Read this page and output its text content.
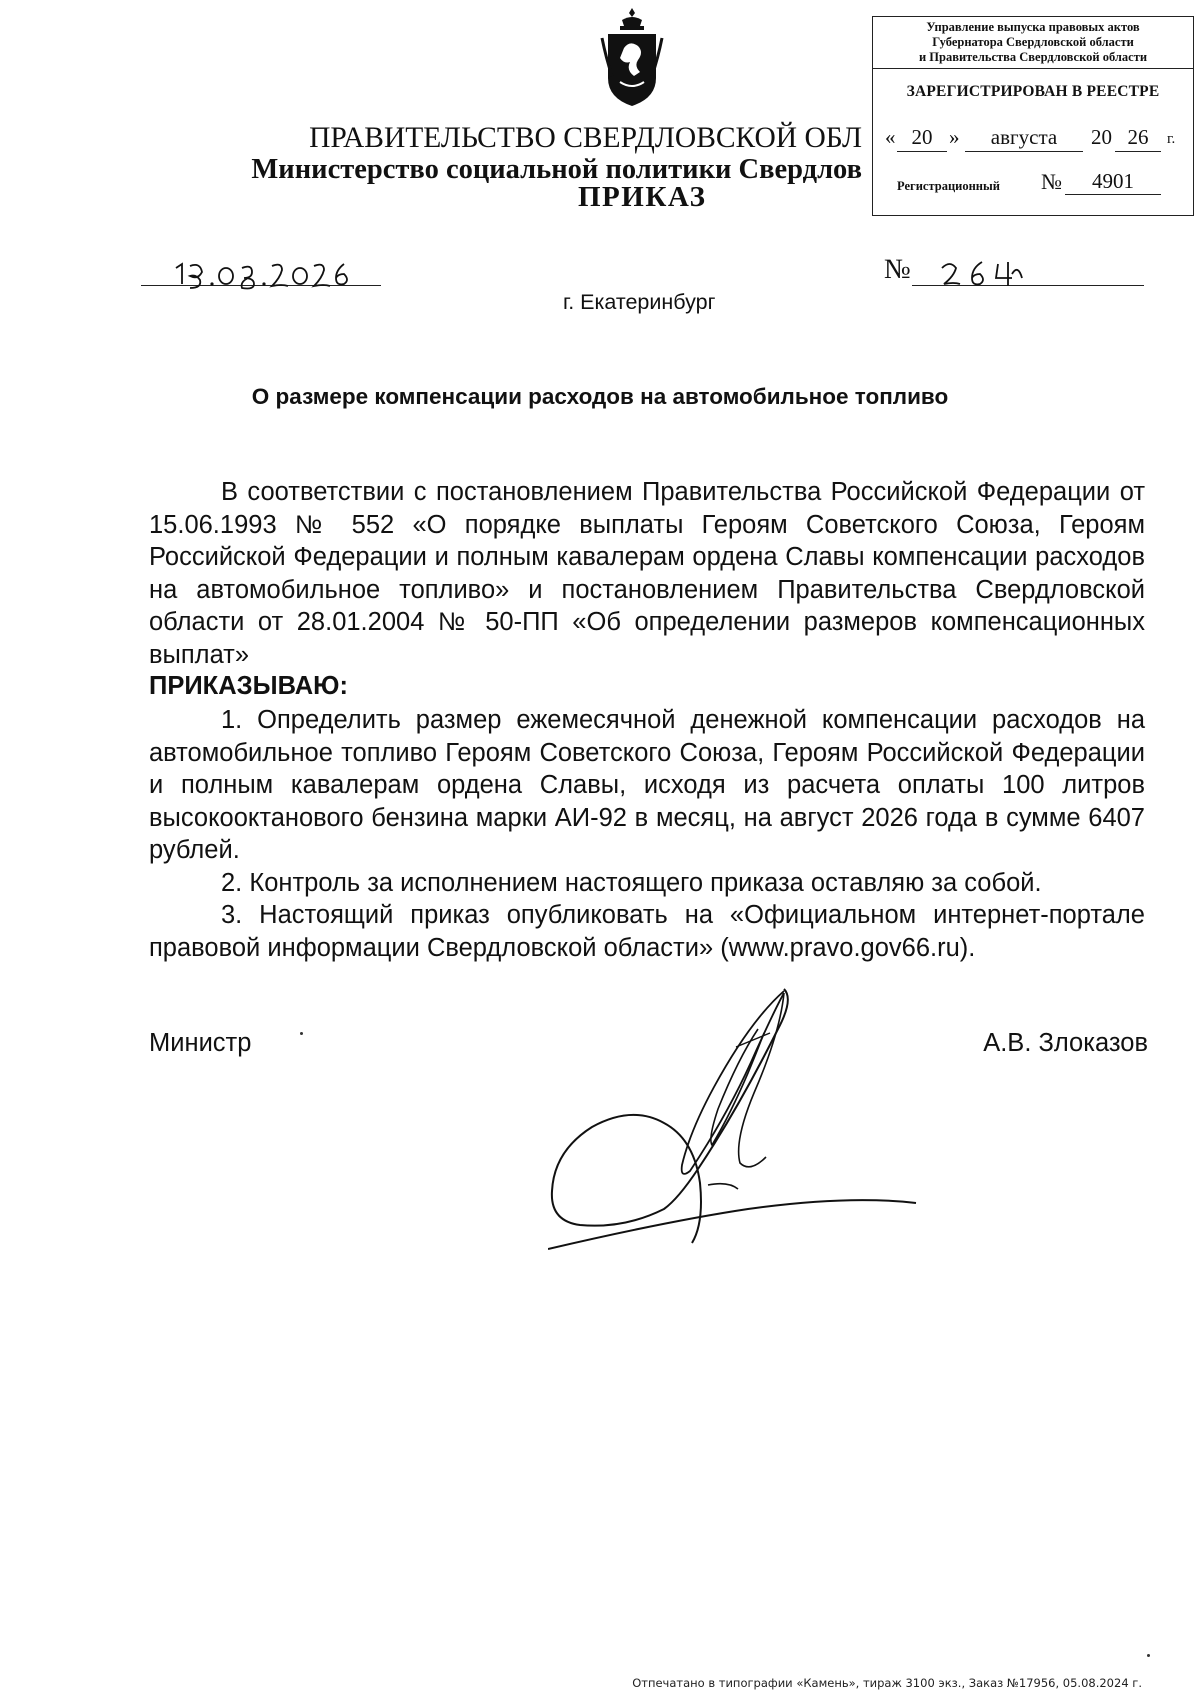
Управление выпуска правовых актов
Губернатора Свердловской области
и Правительства Свердловской области
ЗАРЕГИСТРИРОВАН В РЕЕСТРЕ
« 20 »	августа	20 26	г.
Регистрационный №	4901
ПРАВИТЕЛЬСТВО СВЕРДЛОВСКОЙ ОБЛ
Министерство социальной политики Свердлов
ПРИКАЗ
№
г. Екатеринбург
О размере компенсации расходов на автомобильное топливо
В соответствии с постановлением Правительства Российской Федерации от 15.06.1993 № 552 «О порядке выплаты Героям Советского Союза, Героям Российской Федерации и полным кавалерам ордена Славы компенсации расходов на автомобильное топливо» и постановлением Правительства Свердловской области от 28.01.2004 № 50-ПП «Об определении размеров компенсационных выплат»
ПРИКАЗЫВАЮ:
1. Определить размер ежемесячной денежной компенсации расходов на автомобильное топливо Героям Советского Союза, Героям Российской Федерации и полным кавалерам ордена Славы, исходя из расчета оплаты 100 литров высокооктанового бензина марки АИ-92 в месяц, на август 2026 года в сумме 6407 рублей.
2. Контроль за исполнением настоящего приказа оставляю за собой.
3. Настоящий приказ опубликовать на «Официальном интернет-портале правовой информации Свердловской области» (www.pravo.gov66.ru).
Министр	А.В. Злоказов
Отпечатано в типографии «Камень», тираж 3100 экз., Заказ №17956, 05.08.2024 г.
